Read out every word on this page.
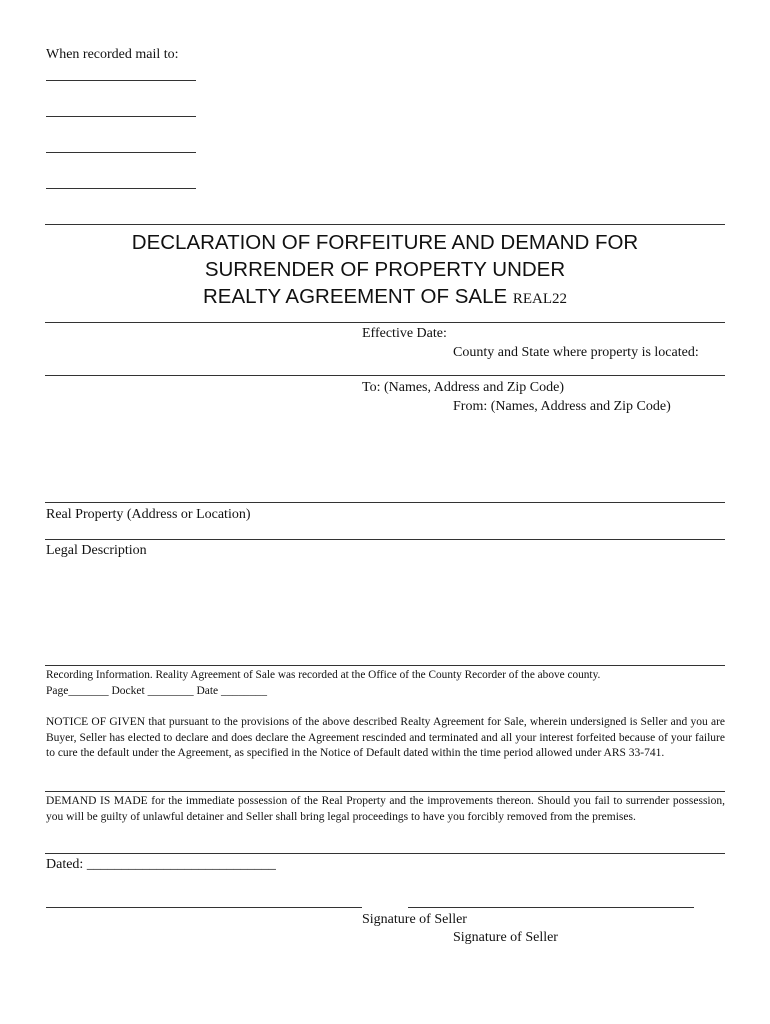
When recorded mail to:
DECLARATION OF FORFEITURE AND DEMAND FOR
SURRENDER OF PROPERTY UNDER
REALTY AGREEMENT OF SALE REAL22
Effective Date:
County and State where property is located:
To: (Names, Address and Zip Code)
From: (Names, Address and Zip Code)
Real Property (Address or Location)
Legal Description
Recording Information. Reality Agreement of Sale was recorded at the Office of the County Recorder of the above county.
Page_______ Docket ________ Date ________
NOTICE OF GIVEN that pursuant to the provisions of the above described Realty Agreement for Sale, wherein undersigned is Seller and you are Buyer, Seller has elected to declare and does declare the Agreement rescinded and terminated and all your interest forfeited because of your failure to cure the default under the Agreement, as specified in the Notice of Default dated within the time period allowed under ARS 33-741.
DEMAND IS MADE for the immediate possession of the Real Property and the improvements thereon. Should you fail to surrender possession, you will be guilty of unlawful detainer and Seller shall bring legal proceedings to have you forcibly removed from the premises.
Dated: ___________________________
Signature of Seller
Signature of Seller
